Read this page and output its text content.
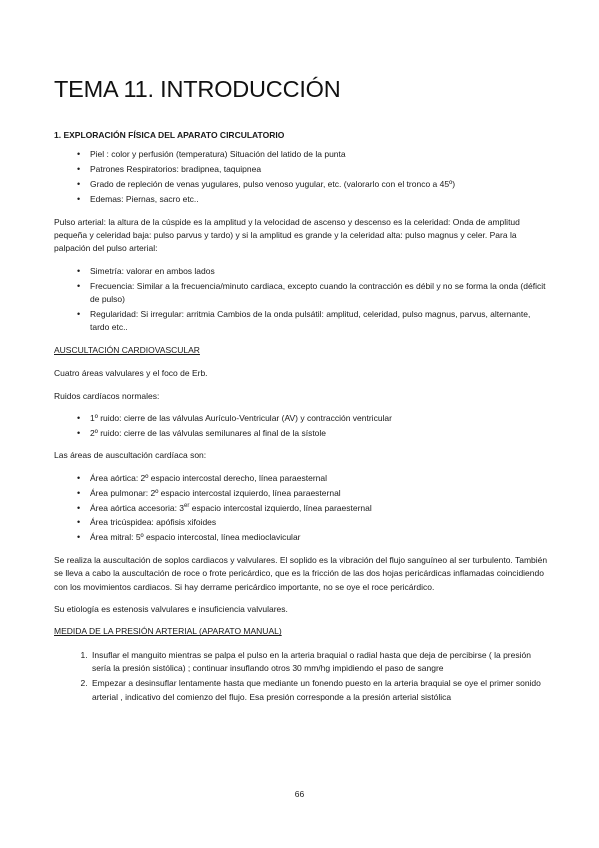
TEMA 11. INTRODUCCIÓN
1. EXPLORACIÓN FÍSICA DEL APARATO CIRCULATORIO
• Piel : color y perfusión (temperatura) Situación del latido de la punta
• Patrones Respiratorios: bradipnea, taquipnea
• Grado de repleción de venas yugulares, pulso venoso yugular, etc. (valorarlo con el tronco a 45º)
• Edemas: Piernas, sacro etc..

Pulso arterial: la altura de la cúspide es la amplitud y la velocidad de ascenso y descenso es la celeridad: Onda de amplitud pequeña y celeridad baja: pulso parvus y tardo) y si la amplitud es grande y la celeridad alta: pulso magnus y celer. Para la palpación del pulso arterial:

• Simetría: valorar en ambos lados
• Frecuencia: Similar a la frecuencia/minuto cardiaca, excepto cuando la contracción es débil y no se forma la onda (déficit de pulso)
• Regularidad: Si irregular: arritmia Cambios de la onda pulsátil: amplitud, celeridad, pulso magnus, parvus, alternante, tardo etc..
AUSCULTACIÓN CARDIOVASCULAR

Cuatro áreas valvulares y el foco de Erb.

Ruidos cardíacos normales:

• 1º ruido: cierre de las válvulas Aurículo-Ventricular (AV) y contracción ventricular
• 2º ruido: cierre de las válvulas semilunares al final de la sístole

Las áreas de auscultación cardíaca son:

• Área aórtica: 2º espacio intercostal derecho, línea paraesternal
• Área pulmonar: 2º espacio intercostal izquierdo, línea paraesternal
• Área aórtica accesoria: 3er espacio intercostal izquierdo, línea paraesternal
• Área tricúspidea: apófisis xifoides
• Área mitral: 5º espacio intercostal, línea medioclavicular

Se realiza la auscultación de soplos cardiacos y valvulares. El soplido es la vibración del flujo sanguíneo al ser turbulento. También se lleva a cabo la auscultación de roce o frote pericárdico, que es la fricción de las dos hojas pericárdicas inflamadas coincidiendo con los movimientos cardiacos. Si hay derrame pericárdico importante, no se oye el roce pericárdico.

Su etiología es estenosis valvulares e insuficiencia valvulares.

MEDIDA DE LA PRESIÓN ARTERIAL (APARATO MANUAL)
1. Insuflar el manguito mientras se palpa el pulso en la arteria braquial o radial hasta que deja de percibirse ( la presión sería la presión sistólica) ; continuar insuflando otros 30 mm/hg impidiendo el paso de sangre
2. Empezar a desinsuflar lentamente hasta que mediante un fonendo puesto en la arteria braquial se oye el primer sonido arterial , indicativo del comienzo del flujo. Esa presión corresponde a la presión arterial sistólica
66
